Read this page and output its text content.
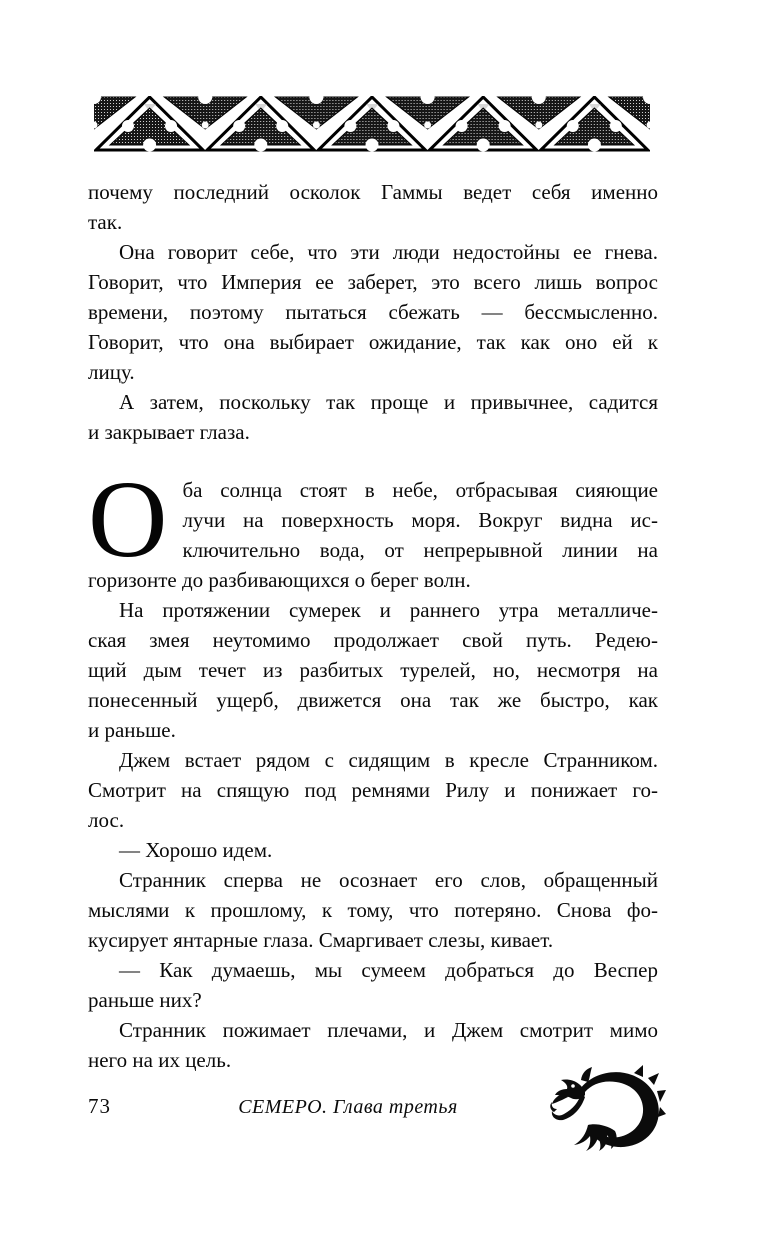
почему последний осколок Гаммы ведет себя именно
так.
Она говорит себе, что эти люди недостойны ее гнева.
Говорит, что Империя ее заберет, это всего лишь вопрос
времени, поэтому пытаться сбежать — бессмысленно.
Говорит, что она выбирает ожидание, так как оно ей к
лицу.
А затем, поскольку так проще и привычнее, садится
и закрывает глаза.
О ба солнца стоят в небе, отбрасывая сияющие
лучи на поверхность моря. Вокруг видна ис-
ключительно вода, от непрерывной линии на
горизонте до разбивающихся о берег волн.
На протяжении сумерек и раннего утра металличе-
ская змея неутомимо продолжает свой путь. Редею-
щий дым течет из разбитых турелей, но, несмотря на
понесенный ущерб, движется она так же быстро, как
и раньше.
Джем встает рядом с сидящим в кресле Странником.
Смотрит на спящую под ремнями Рилу и понижает го-
лос.
— Хорошо идем.
Странник сперва не осознает его слов, обращенный
мыслями к прошлому, к тому, что потеряно. Снова фо-
кусирует янтарные глаза. Смаргивает слезы, кивает.
— Как думаешь, мы сумеем добраться до Веспер
раньше них?
Странник пожимает плечами, и Джем смотрит мимо
него на их цель.
73	СЕМЕРО. Глава третья
